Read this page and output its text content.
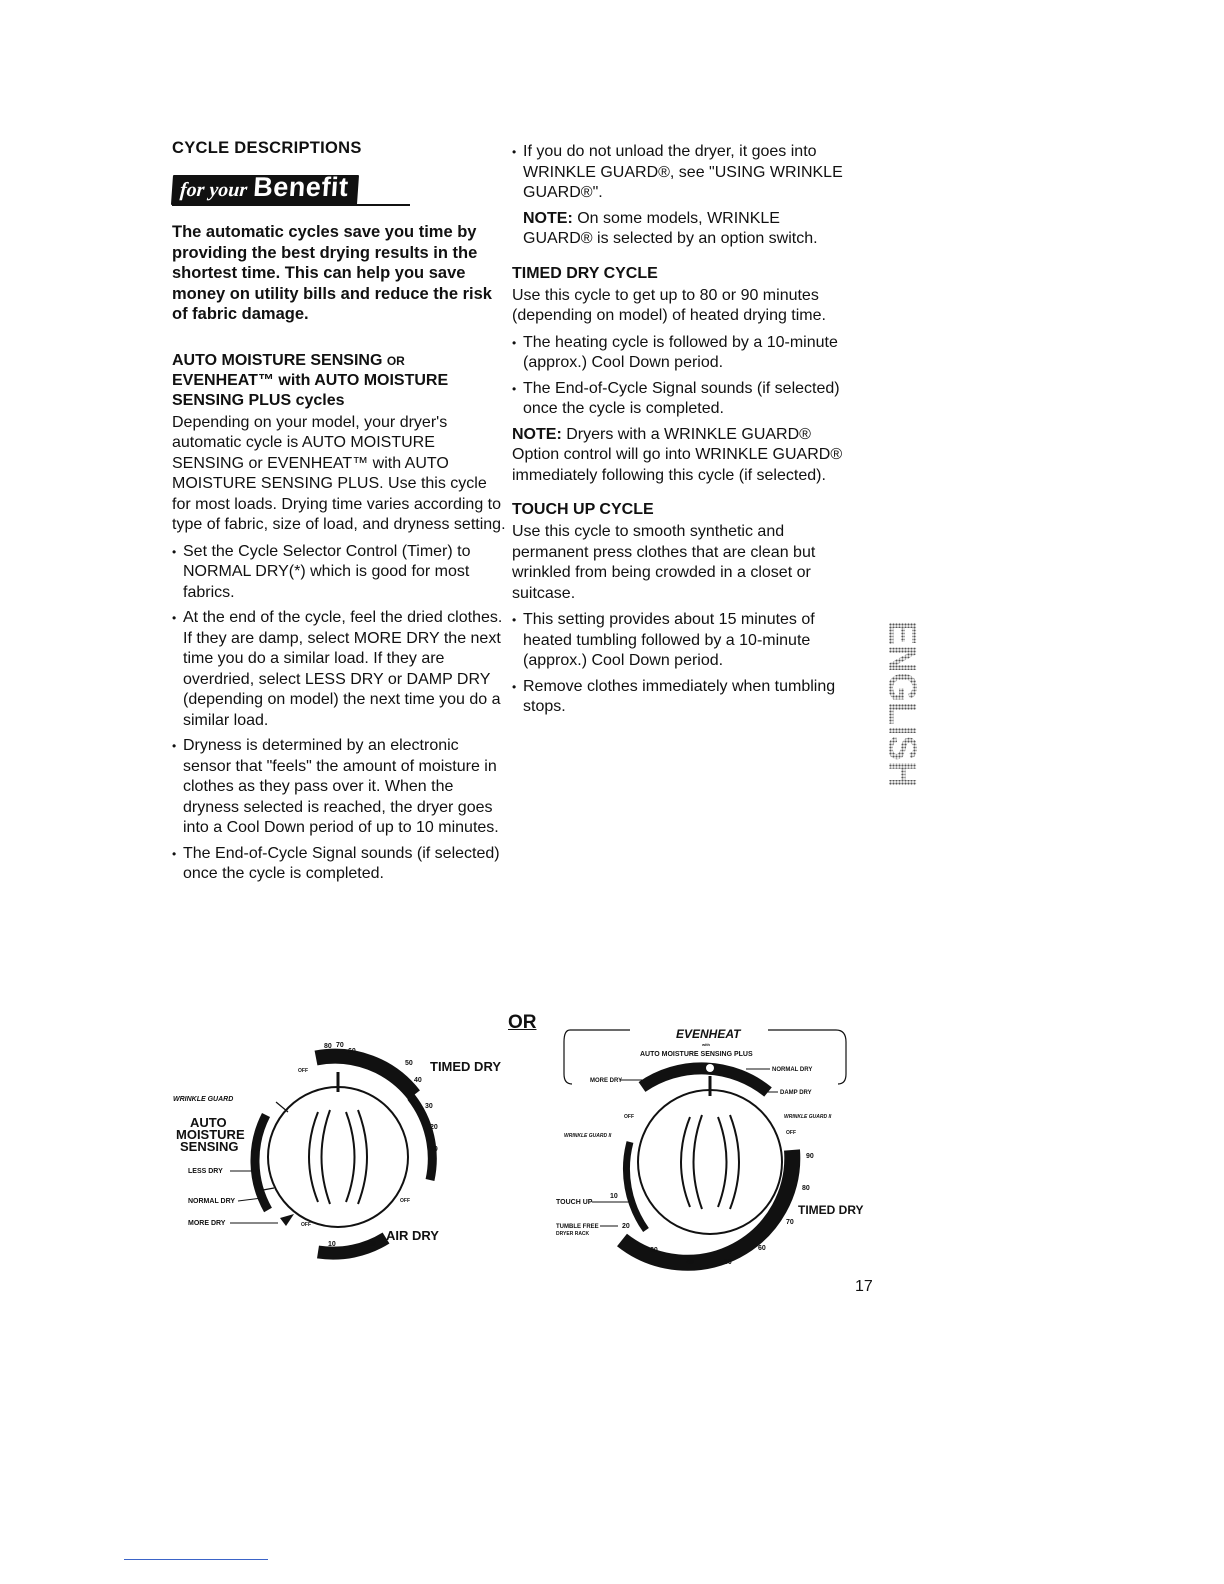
CYCLE DESCRIPTIONS
for your Benefit
The automatic cycles save you time by providing the best drying results in the shortest time. This can help you save money on utility bills and reduce the risk of fabric damage.
AUTO MOISTURE SENSING OR EVENHEAT™ with AUTO MOISTURE SENSING PLUS cycles

Depending on your model, your dryer's automatic cycle is AUTO MOISTURE SENSING or EVENHEAT™ with AUTO MOISTURE SENSING PLUS. Use this cycle for most loads. Drying time varies according to type of fabric, size of load, and dryness setting.

• Set the Cycle Selector Control (Timer) to NORMAL DRY(*) which is good for most fabrics.
• At the end of the cycle, feel the dried clothes. If they are damp, select MORE DRY the next time you do a similar load. If they are overdried, select LESS DRY or DAMP DRY (depending on model) the next time you do a similar load.
• Dryness is determined by an electronic sensor that "feels" the amount of moisture in clothes as they pass over it. When the dryness selected is reached, the dryer goes into a Cool Down period of up to 10 minutes.
• The End-of-Cycle Signal sounds (if selected) once the cycle is completed.
• If you do not unload the dryer, it goes into WRINKLE GUARD®, see "USING WRINKLE GUARD®".

NOTE: On some models, WRINKLE GUARD® is selected by an option switch.

TIMED DRY CYCLE

Use this cycle to get up to 80 or 90 minutes (depending on model) of heated drying time.

• The heating cycle is followed by a 10-minute (approx.) Cool Down period.
• The End-of-Cycle Signal sounds (if selected) once the cycle is completed.

NOTE: Dryers with a WRINKLE GUARD® Option control will go into WRINKLE GUARD® immediately following this cycle (if selected).

TOUCH UP CYCLE

Use this cycle to smooth synthetic and permanent press clothes that are clean but wrinkled from being crowded in a closet or suitcase.

• This setting provides about 15 minutes of heated tumbling followed by a 10-minute (approx.) Cool Down period.
• Remove clothes immediately when tumbling stops.	ENGLISH
OR
TIMED DRY
AIR DRY
WRINKLE GUARD
AUTO
MOISTURE
SENSING
LESS DRY
NORMAL DRY
MORE DRY
OFF
OFF
OFF
80 70
60
50
40
30
20
10
10
20
30
EVENHEAT
with
AUTO MOISTURE SENSING PLUS
MORE DRY
NORMAL DRY
DAMP DRY
WRINKLE GUARD II
WRINKLE GUARD II	OFF
OFF
TOUCH UP
TUMBLE FREE
DRYER RACK
TIMED DRY
90
80
70
60
50
40
30
20
10
17
